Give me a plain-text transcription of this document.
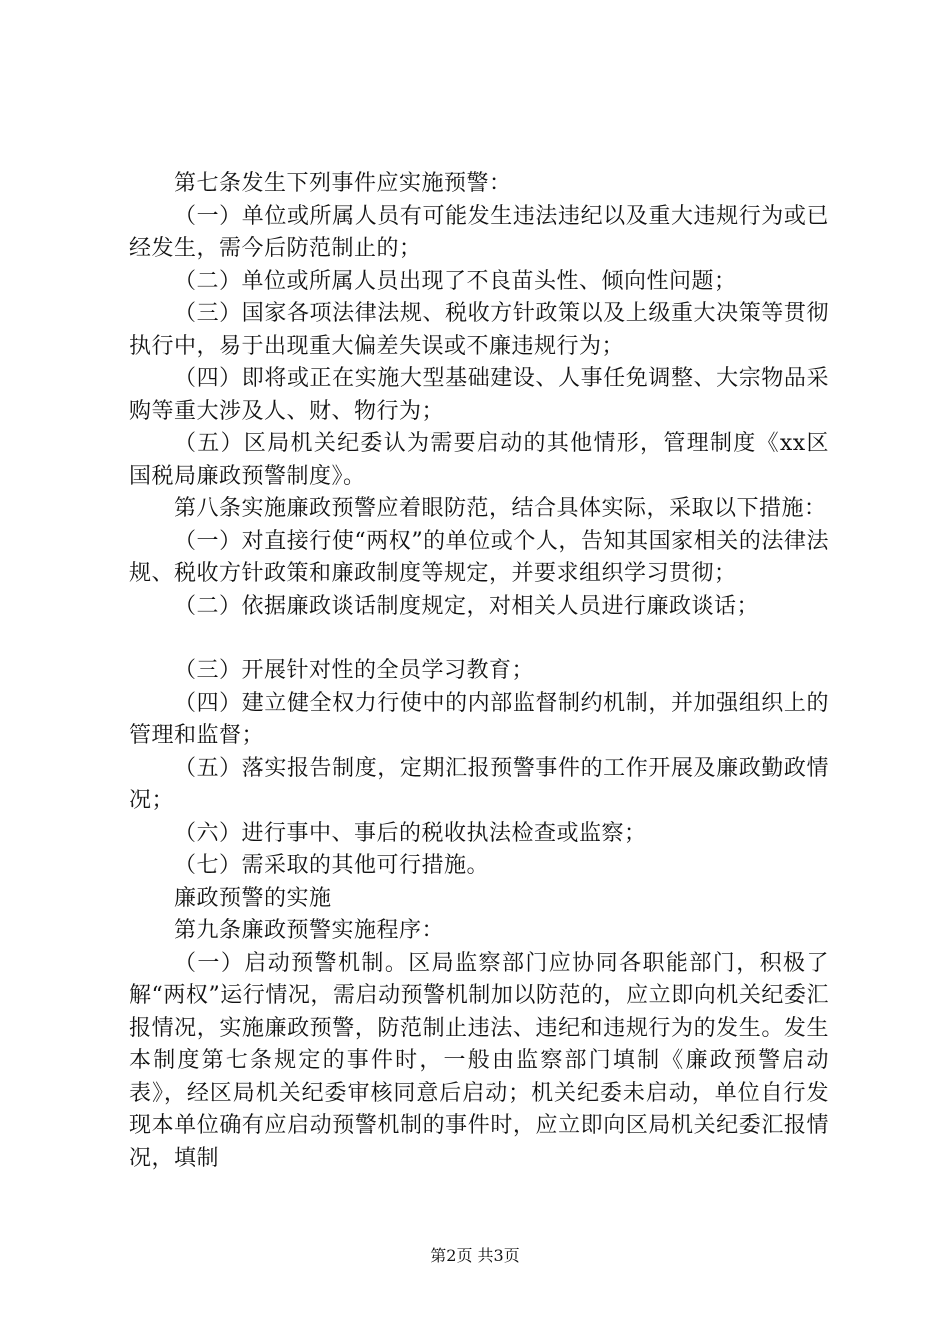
第七条发生下列事件应实施预警：

（一）单位或所属人员有可能发生违法违纪以及重大违规行为或已经发生，需今后防范制止的；

（二）单位或所属人员出现了不良苗头性、倾向性问题；

（三）国家各项法律法规、税收方针政策以及上级重大决策等贯彻执行中，易于出现重大偏差失误或不廉违规行为；

（四）即将或正在实施大型基础建设、人事任免调整、大宗物品采购等重大涉及人、财、物行为；

（五）区局机关纪委认为需要启动的其他情形，管理制度《xx区国税局廉政预警制度》。

第八条实施廉政预警应着眼防范，结合具体实际，采取以下措施：

（一）对直接行使“两权”的单位或个人，告知其国家相关的法律法规、税收方针政策和廉政制度等规定，并要求组织学习贯彻；

（二）依据廉政谈话制度规定，对相关人员进行廉政谈话；

（三）开展针对性的全员学习教育；

（四）建立健全权力行使中的内部监督制约机制，并加强组织上的管理和监督；

（五）落实报告制度，定期汇报预警事件的工作开展及廉政勤政情况；

（六）进行事中、事后的税收执法检查或监察；

（七）需采取的其他可行措施。

廉政预警的实施

第九条廉政预警实施程序：

（一）启动预警机制。区局监察部门应协同各职能部门，积极了解“两权”运行情况，需启动预警机制加以防范的，应立即向机关纪委汇报情况，实施廉政预警，防范制止违法、违纪和违规行为的发生。发生本制度第七条规定的事件时，一般由监察部门填制《廉政预警启动表》，经区局机关纪委审核同意后启动；机关纪委未启动，单位自行发现本单位确有应启动预警机制的事件时，应立即向区局机关纪委汇报情况，填制

第2页 共3页
